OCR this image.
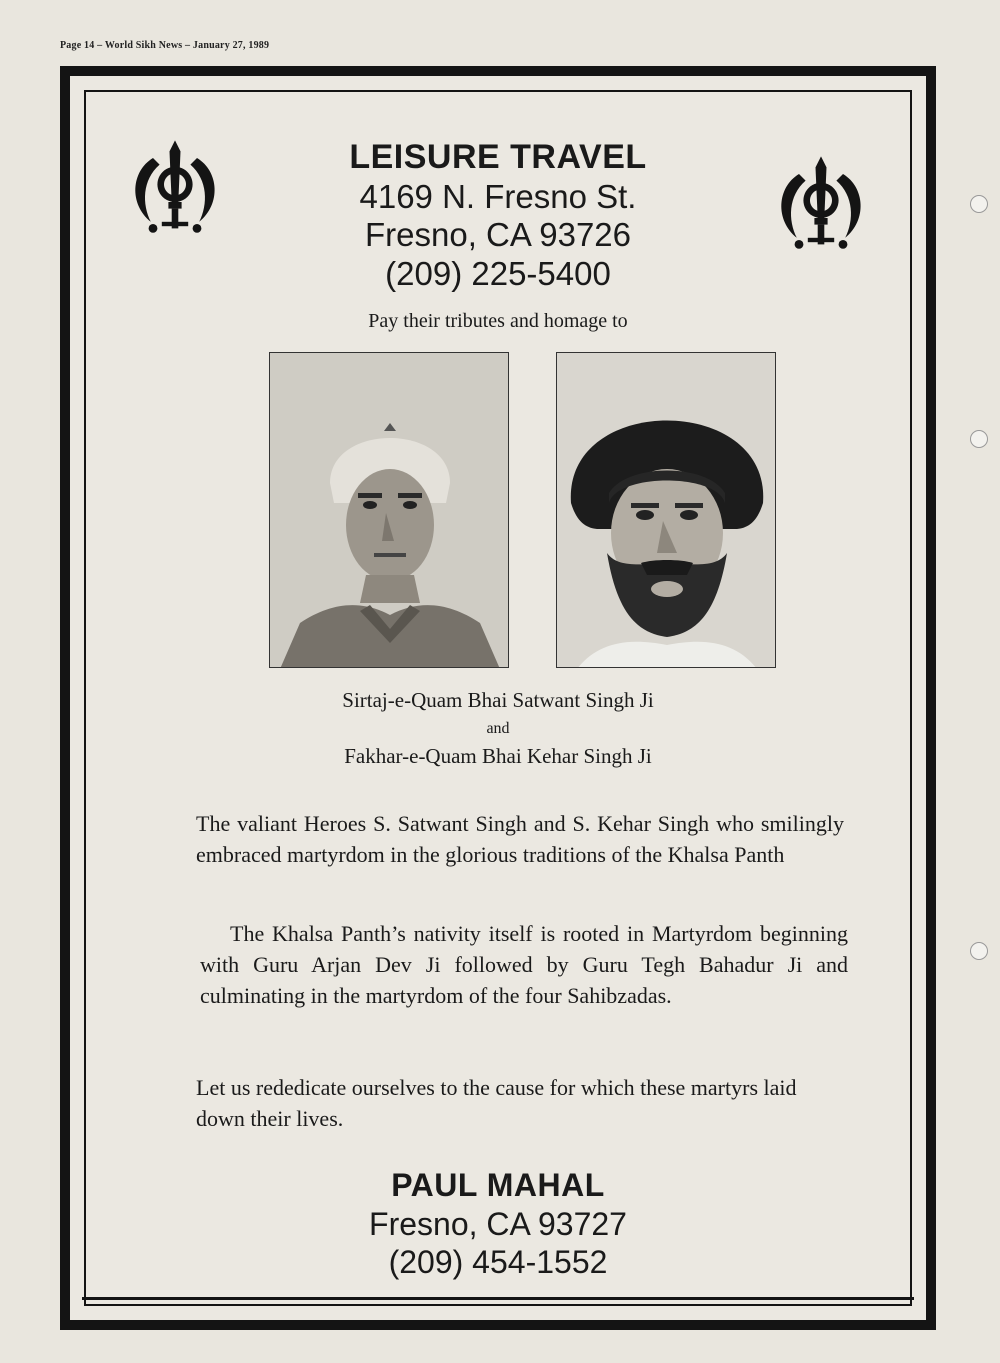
Page 14 – World Sikh News – January 27, 1989
LEISURE TRAVEL
4169 N. Fresno St.
Fresno, CA 93726
(209) 225-5400
Pay their tributes and homage to
Sirtaj-e-Quam Bhai Satwant Singh Ji
and
Fakhar-e-Quam Bhai Kehar Singh Ji
The valiant Heroes S. Satwant Singh and S. Kehar Singh who smilingly embraced martyrdom in the glorious traditions of the Khalsa Panth
The Khalsa Panth’s nativity itself is rooted in Martyrdom beginning with Guru Arjan Dev Ji followed by Guru Tegh Bahadur Ji and culminating in the martyrdom of the four Sahibzadas.
Let us rededicate ourselves to the cause for which these martyrs laid down their lives.
PAUL MAHAL
Fresno, CA 93727
(209) 454-1552
